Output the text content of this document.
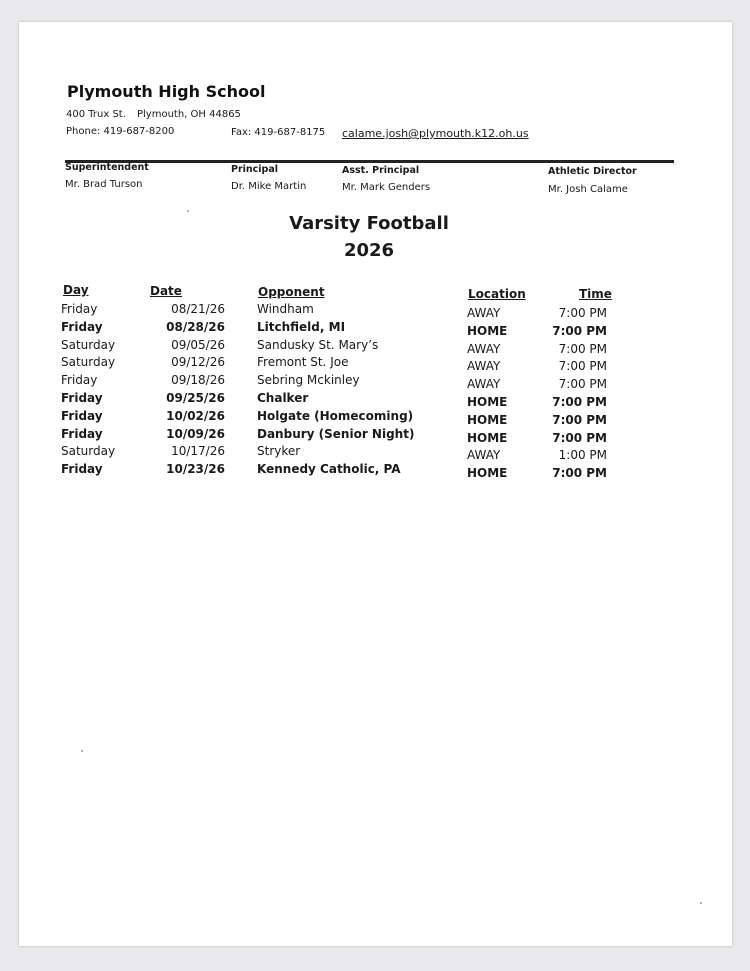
Plymouth High School
400 Trux St. Plymouth, OH 44865
Phone: 419-687-8200	Fax: 419-687-8175 calame.josh@plymouth.k12.oh.us
Superintendent
Mr. Brad Turson
Principal
Dr. Mike Martin
Asst. Principal
Mr. Mark Genders
Athletic Director
Mr. Josh Calame
Varsity Football
2026
Day	Date	Opponent	Location	Time
Friday	08/21/26	Windham	AWAY	7:00 PM
Friday	08/28/26	Litchfield, MI	HOME	7:00 PM
Saturday	09/05/26	Sandusky St. Mary’s	AWAY	7:00 PM
Saturday	09/12/26	Fremont St. Joe	AWAY	7:00 PM
Friday	09/18/26	Sebring Mckinley	AWAY	7:00 PM
Friday	09/25/26	Chalker	HOME	7:00 PM
Friday	10/02/26	Holgate (Homecoming)	HOME	7:00 PM
Friday	10/09/26	Danbury (Senior Night)	HOME	7:00 PM
Saturday	10/17/26	Stryker	AWAY	1:00 PM
Friday	10/23/26	Kennedy Catholic, PA	HOME	7:00 PM
